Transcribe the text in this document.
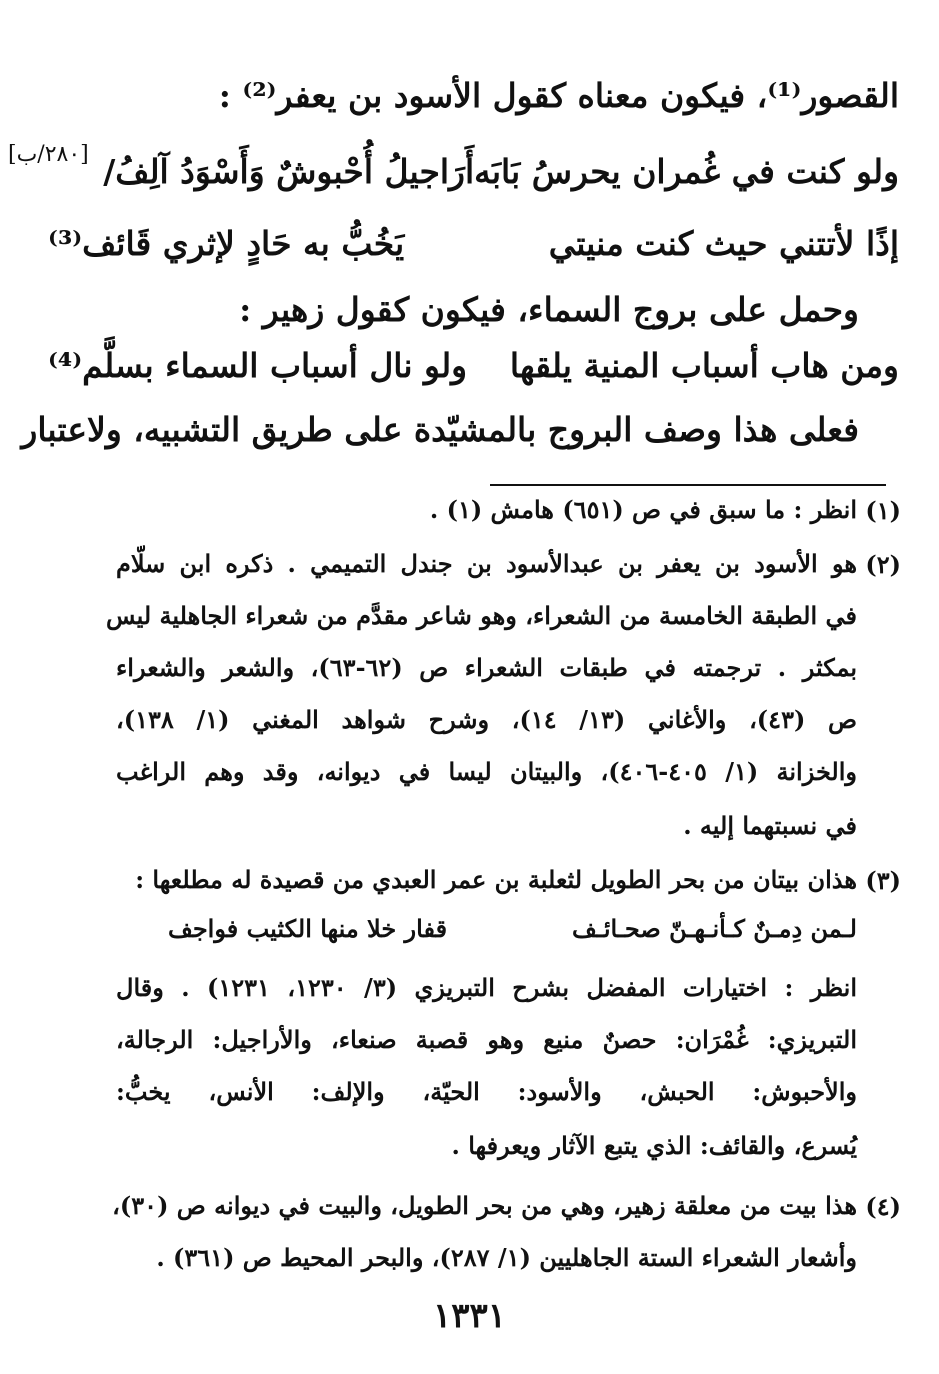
[٢٨٠/ب]
القصور⁽¹⁾، فيكون معناه كقول الأسود بن يعفر⁽²⁾ :
ولو كنت في غُمران يحرسُ بَابَه
أَرَاجيلُ أُحْبوشٌ وَأَسْوَدُ آلِفُ/
إذًا لأتتني حيث كنت منيتي
يَخُبُّ به حَادٍ لإثري قَائف⁽³⁾
وحمل على بروج السماء، فيكون كقول زهير :
ومن هاب أسباب المنية يلقها
ولو نال أسباب السماء بسلَّم⁽⁴⁾
فعلى هذا وصف البروج بالمشيّدة على طريق التشبيه، ولاعتبار
(١)
انظر : ما سبق في ص (٦٥١) هامش (١) .
(٢)
هو الأسود بن يعفر بن عبدالأسود بن جندل التميمي . ذكره ابن سلّام
في الطبقة الخامسة من الشعراء، وهو شاعر مقدَّم من شعراء الجاهلية ليس
بمكثر . ترجمته في طبقات الشعراء ص (٦٢-٦٣)، والشعر والشعراء
ص (٤٣)، والأغاني (١٣/ ١٤)، وشرح شواهد المغني (١/ ١٣٨)،
والخزانة (١/ ٤٠٥-٤٠٦)، والبيتان ليسا في ديوانه، وقد وهم الراغب
في نسبتهما إليه .
(٣)
هذان بيتان من بحر الطويل لثعلبة بن عمر العبدي من قصيدة له مطلعها :
لـمن دِمـنٌ كـأنـهـنّ صحـائـف
قفار خلا منها الكثيب فواجف
انظر : اختيارات المفضل بشرح التبريزي (٣/ ١٢٣٠، ١٢٣١) . وقال
التبريزي: غُمْرَان: حصنٌ منيع وهو قصبة صنعاء، والأراجيل: الرجالة،
والأحبوش: الحبش، والأسود: الحيّة، والإلف: الأنس، يخبُّ:
يُسرع، والقائف: الذي يتبع الآثار ويعرفها .
(٤)
هذا بيت من معلقة زهير، وهي من بحر الطويل، والبيت في ديوانه ص (٣٠)،
وأشعار الشعراء الستة الجاهليين (١/ ٢٨٧)، والبحر المحيط ص (٣٦١) .
١٣٣١
